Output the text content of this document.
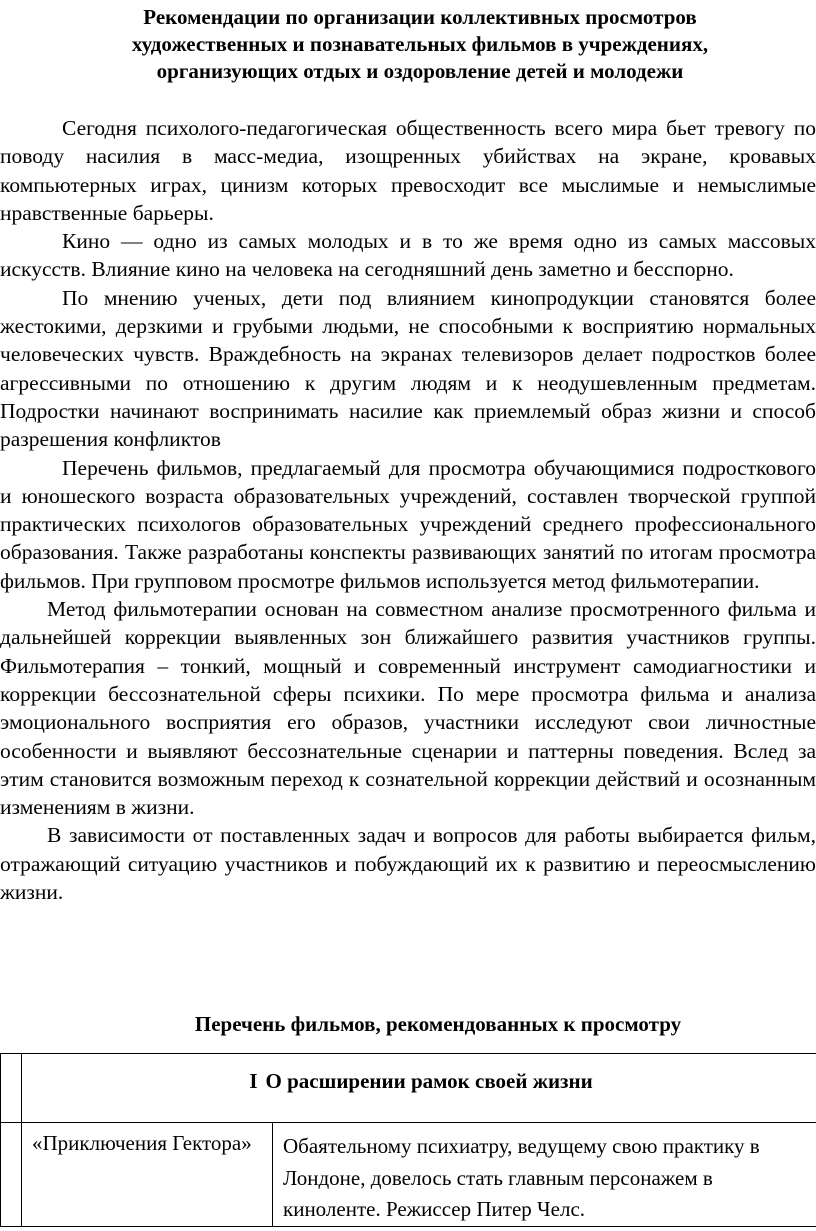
Рекомендации по организации коллективных просмотров
художественных и познавательных фильмов в учреждениях,
организующих отдых и оздоровление детей и молодежи

Сегодня психолого-педагогическая общественность всего мира бьет тревогу по поводу насилия в масс-медиа, изощренных убийствах на экране, кровавых компьютерных играх, цинизм которых превосходит все мыслимые и немыслимые нравственные барьеры.

Кино — одно из самых молодых и в то же время одно из самых массовых искусств. Влияние кино на человека на сегодняшний день заметно и бесспорно.

По мнению ученых, дети под влиянием кинопродукции становятся более жестокими, дерзкими и грубыми людьми, не способными к восприятию нормальных человеческих чувств. Враждебность на экранах телевизоров делает подростков более агрессивными по отношению к другим людям и к неодушевленным предметам. Подростки начинают воспринимать насилие как приемлемый образ жизни и способ разрешения конфликтов

Перечень фильмов, предлагаемый для просмотра обучающимися подросткового и юношеского возраста образовательных учреждений, составлен творческой группой практических психологов образовательных учреждений среднего профессионального образования. Также разработаны конспекты развивающих занятий по итогам просмотра фильмов. При групповом просмотре фильмов используется метод фильмотерапии.

Метод фильмотерапии основан на совместном анализе просмотренного фильма и дальнейшей коррекции выявленных зон ближайшего развития участников группы. Фильмотерапия – тонкий, мощный и современный инструмент самодиагностики и коррекции бессознательной сферы психики. По мере просмотра фильма и анализа эмоционального восприятия его образов, участники исследуют свои личностные особенности и выявляют бессознательные сценарии и паттерны поведения. Вслед за этим становится возможным переход к сознательной коррекции действий и осознанным изменениям в жизни.

В зависимости от поставленных задач и вопросов для работы выбирается фильм, отражающий ситуацию участников и побуждающий их к развитию и переосмыслению жизни.

Перечень фильмов, рекомендованных к просмотру
	I О расширении рамок своей жизни	
	«Приключения Гектора»	Обаятельному психиатру, ведущему свою практику в Лондоне, довелось стать главным персонажем в киноленте. Режиссер Питер Челс.
